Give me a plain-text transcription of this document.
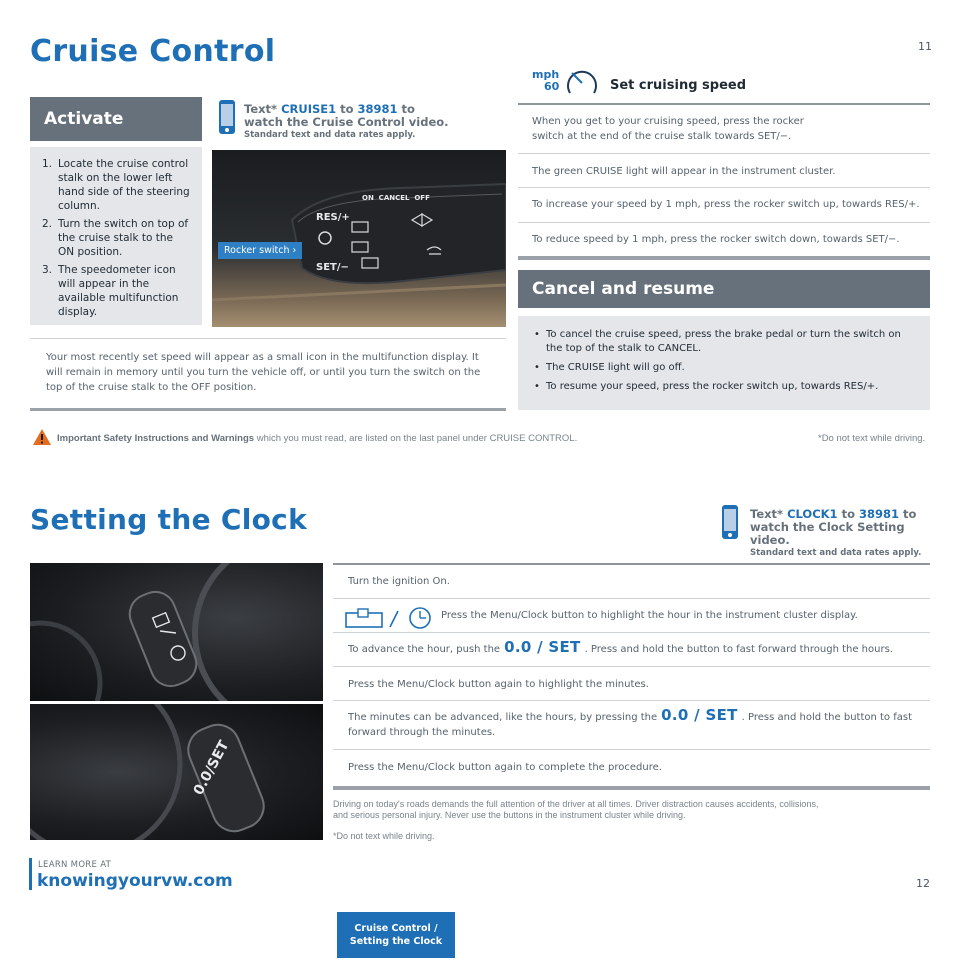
Cruise Control	11
Activate
1. Locate the cruise control stalk on the lower left hand side of the steering column.
2. Turn the switch on top of the cruise stalk to the ON position.
3. The speedometer icon will appear in the available multifunction display.
Text* CRUISE1 to 38981 to
watch the Cruise Control video.
Standard text and data rates apply.
RES/+
SET/−
ON  CANCEL  OFF
Rocker switch ›
Your most recently set speed will appear as a small icon in the multifunction display. It will remain in memory until you turn the vehicle off, or until you turn the switch on the top of the cruise stalk to the OFF position.
mph
60	Set cruising speed
When you get to your cruising speed, press the rocker switch at the end of the cruise stalk towards SET/−.
The green CRUISE light will appear in the instrument cluster.
To increase your speed by 1 mph, press the rocker switch up, towards RES/+.
To reduce speed by 1 mph, press the rocker switch down, towards SET/−.
Cancel and resume
• To cancel the cruise speed, press the brake pedal or turn the switch on the top of the stalk to CANCEL.
• The CRUISE light will go off.
• To resume your speed, press the rocker switch up, towards RES/+.
Important Safety Instructions and Warnings which you must read, are listed on the last panel under CRUISE CONTROL.	*Do not text while driving.
Setting the Clock	Text* CLOCK1 to 38981 to
watch the Clock Setting video.
Standard text and data rates apply.
0.0/SET
Turn the ignition On.
Press the Menu/Clock button to highlight the hour in the instrument cluster display.
To advance the hour, push the 0.0 / SET . Press and hold the button to fast forward through the hours.
Press the Menu/Clock button again to highlight the minutes.
The minutes can be advanced, like the hours, by pressing the 0.0 / SET . Press and hold the button to fast forward through the minutes.
Press the Menu/Clock button again to complete the procedure.
Driving on today's roads demands the full attention of the driver at all times. Driver distraction causes accidents, collisions, and serious personal injury. Never use the buttons in the instrument cluster while driving.
*Do not text while driving.
LEARN MORE AT
knowingyourvw.com	12
Cruise Control /
Setting the Clock
